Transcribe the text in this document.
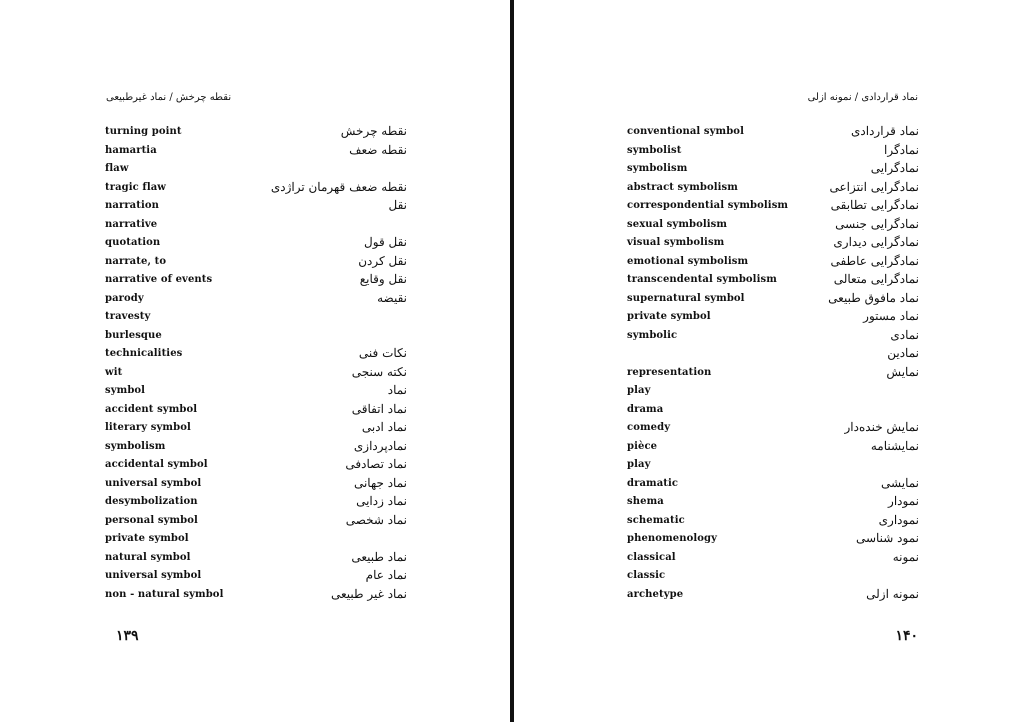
نقطه چرخش / نماد غیرطبیعی
turning point	نقطه چرخش
hamartia	نقطه ضعف
flaw
tragic flaw	نقطه ضعف قهرمان تراژدی
narration	نقل
narrative
quotation	نقل قول
narrate, to	نقل کردن
narrative of events	نقل وقایع
parody	نقیضه
travesty
burlesque
technicalities	نکات فنی
wit	نکته سنجی
symbol	نماد
accident symbol	نماد اتفاقی
literary symbol	نماد ادبی
symbolism	نمادپردازی
accidental symbol	نماد تصادفی
universal symbol	نماد جهانی
desymbolization	نماد زدایی
personal symbol	نماد شخصی
private symbol
natural symbol	نماد طبیعی
universal symbol	نماد عام
non - natural symbol	نماد غیر طبیعی
۱۳۹
نماد قراردادی / نمونه ازلی
conventional symbol	نماد قراردادی
symbolist	نمادگرا
symbolism	نمادگرایی
abstract symbolism	نمادگرایی انتزاعی
correspondential symbolism	نمادگرایی تطابقی
sexual symbolism	نمادگرایی جنسی
visual symbolism	نمادگرایی دیداری
emotional symbolism	نمادگرایی عاطفی
transcendental symbolism	نمادگرایی متعالی
supernatural symbol	نماد مافوق طبیعی
private symbol	نماد مستور
symbolic	نمادی
نمادین
representation	نمایش
play
drama
comedy	نمایش خنده‌دار
pièce	نمایشنامه
play
dramatic	نمایشی
shema	نمودار
schematic	نموداری
phenomenology	نمود شناسی
classical	نمونه
classic
archetype	نمونه ازلی
۱۴۰
